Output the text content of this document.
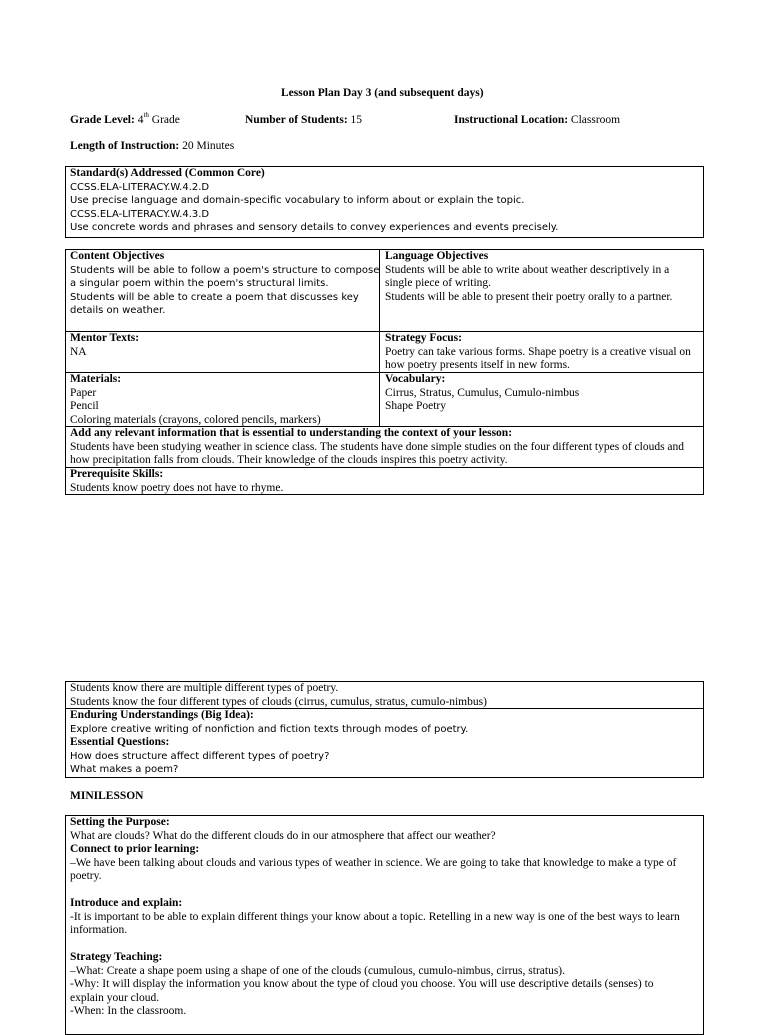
Lesson Plan Day 3 (and subsequent days)
Grade Level: 4th Grade	Number of Students: 15	Instructional Location: Classroom
Length of Instruction: 20 Minutes
Standard(s) Addressed (Common Core)
CCSS.ELA-LITERACY.W.4.2.D
Use precise language and domain-specific vocabulary to inform about or explain the topic.
CCSS.ELA-LITERACY.W.4.3.D
Use concrete words and phrases and sensory details to convey experiences and events precisely.
Content Objectives
Students will be able to follow a poem's structure to compose
a singular poem within the poem's structural limits.
Students will be able to create a poem that discusses key
details on weather.
Language Objectives
Students will be able to write about weather descriptively in a
single piece of writing.
Students will be able to present their poetry orally to a partner.
Mentor Texts:
NA
Strategy Focus:
Poetry can take various forms. Shape poetry is a creative visual on
how poetry presents itself in new forms.
Materials:
Paper
Pencil
Coloring materials (crayons, colored pencils, markers)
Vocabulary:
Cirrus, Stratus, Cumulus, Cumulo-nimbus
Shape Poetry
Add any relevant information that is essential to understanding the context of your lesson:
Students have been studying weather in science class. The students have done simple studies on the four different types of clouds and
how precipitation falls from clouds. Their knowledge of the clouds inspires this poetry activity.
Prerequisite Skills:
Students know poetry does not have to rhyme.
Students know there are multiple different types of poetry.
Students know the four different types of clouds (cirrus, cumulus, stratus, cumulo-nimbus)
Enduring Understandings (Big Idea):
Explore creative writing of nonfiction and fiction texts through modes of poetry.
Essential Questions:
How does structure affect different types of poetry?
What makes a poem?
MINILESSON
Setting the Purpose:
What are clouds? What do the different clouds do in our atmosphere that affect our weather?
Connect to prior learning:
–We have been talking about clouds and various types of weather in science. We are going to take that knowledge to make a type of
poetry.
Introduce and explain:
-It is important to be able to explain different things your know about a topic. Retelling in a new way is one of the best ways to learn
information.
Strategy Teaching:
–What: Create a shape poem using a shape of one of the clouds (cumulous, cumulo-nimbus, cirrus, stratus).
-Why: It will display the information you know about the type of cloud you choose. You will use descriptive details (senses) to
explain your cloud.
-When: In the classroom.
